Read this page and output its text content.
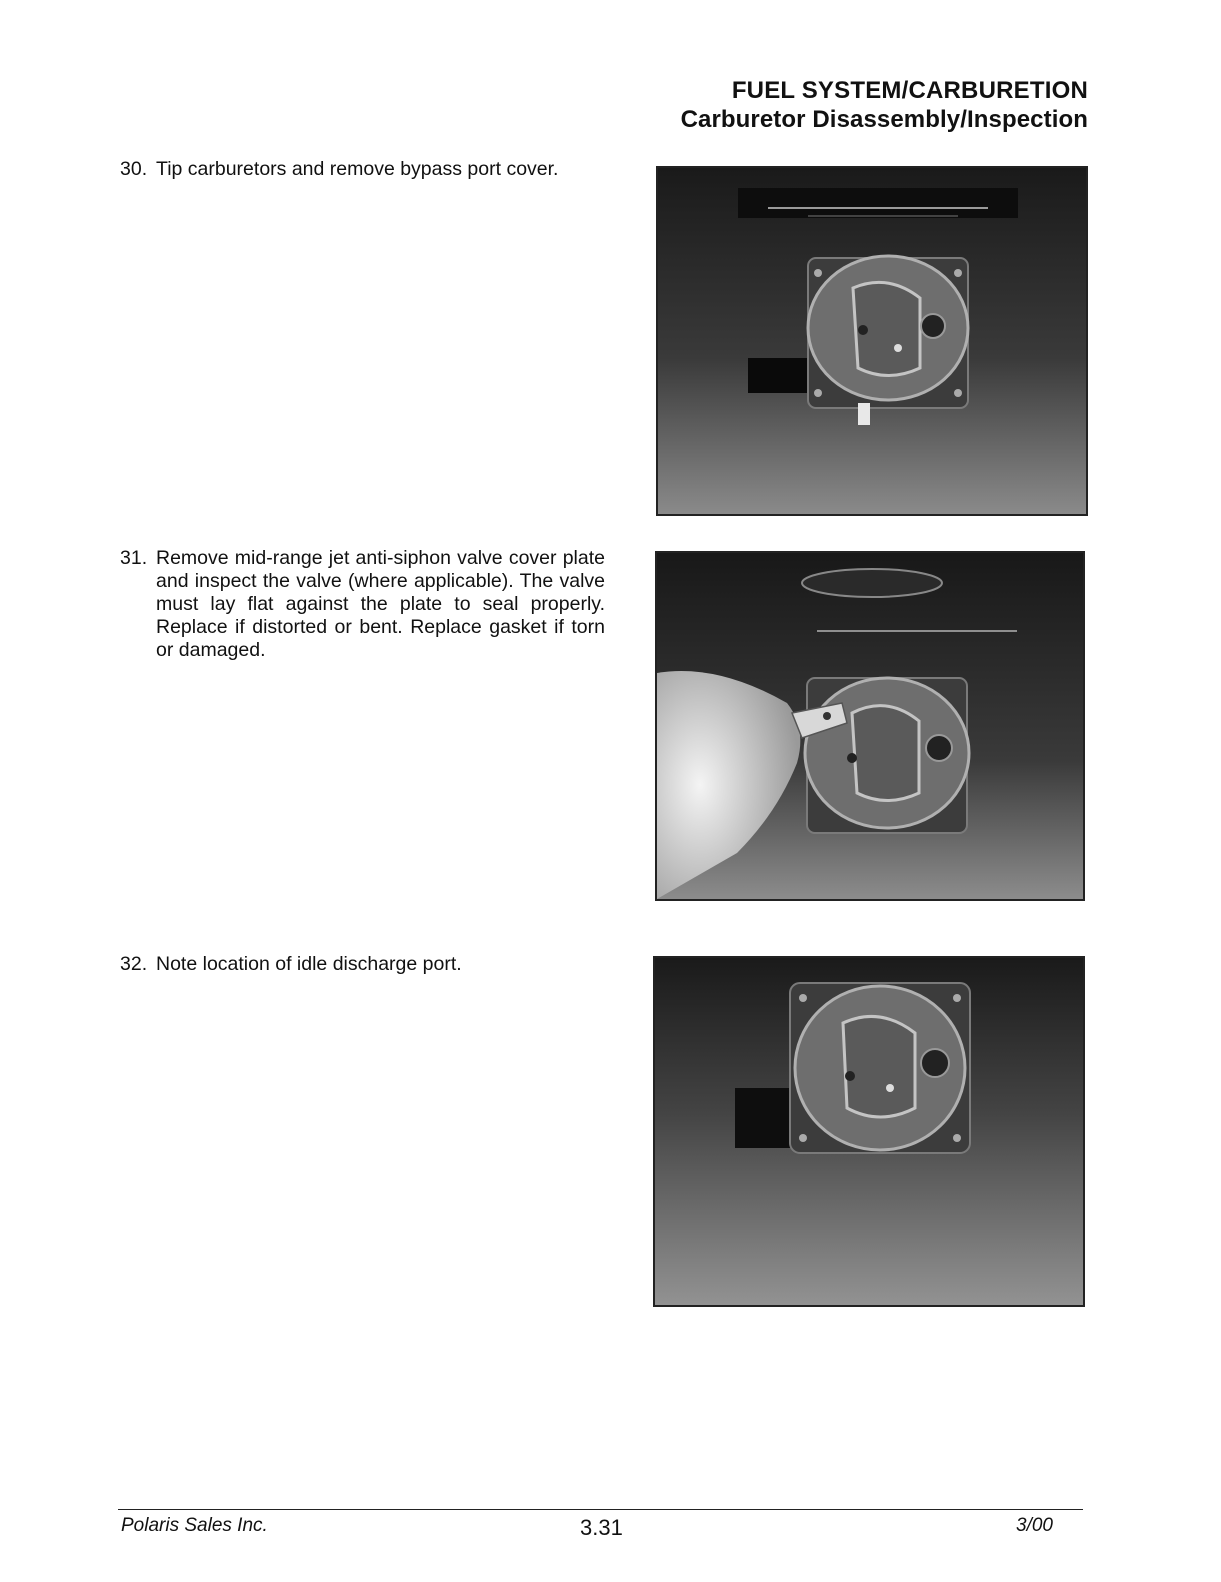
FUEL SYSTEM/CARBURETION
Carburetor Disassembly/Inspection
30. Tip carburetors and remove bypass port cover.
31. Remove mid-range jet anti-siphon valve cover plate and inspect the valve (where applicable). The valve must lay flat against the plate to seal properly. Replace if distorted or bent. Replace gasket if torn or damaged.
32. Note location of idle discharge port.
Polaris Sales Inc.	3.31	3/00
